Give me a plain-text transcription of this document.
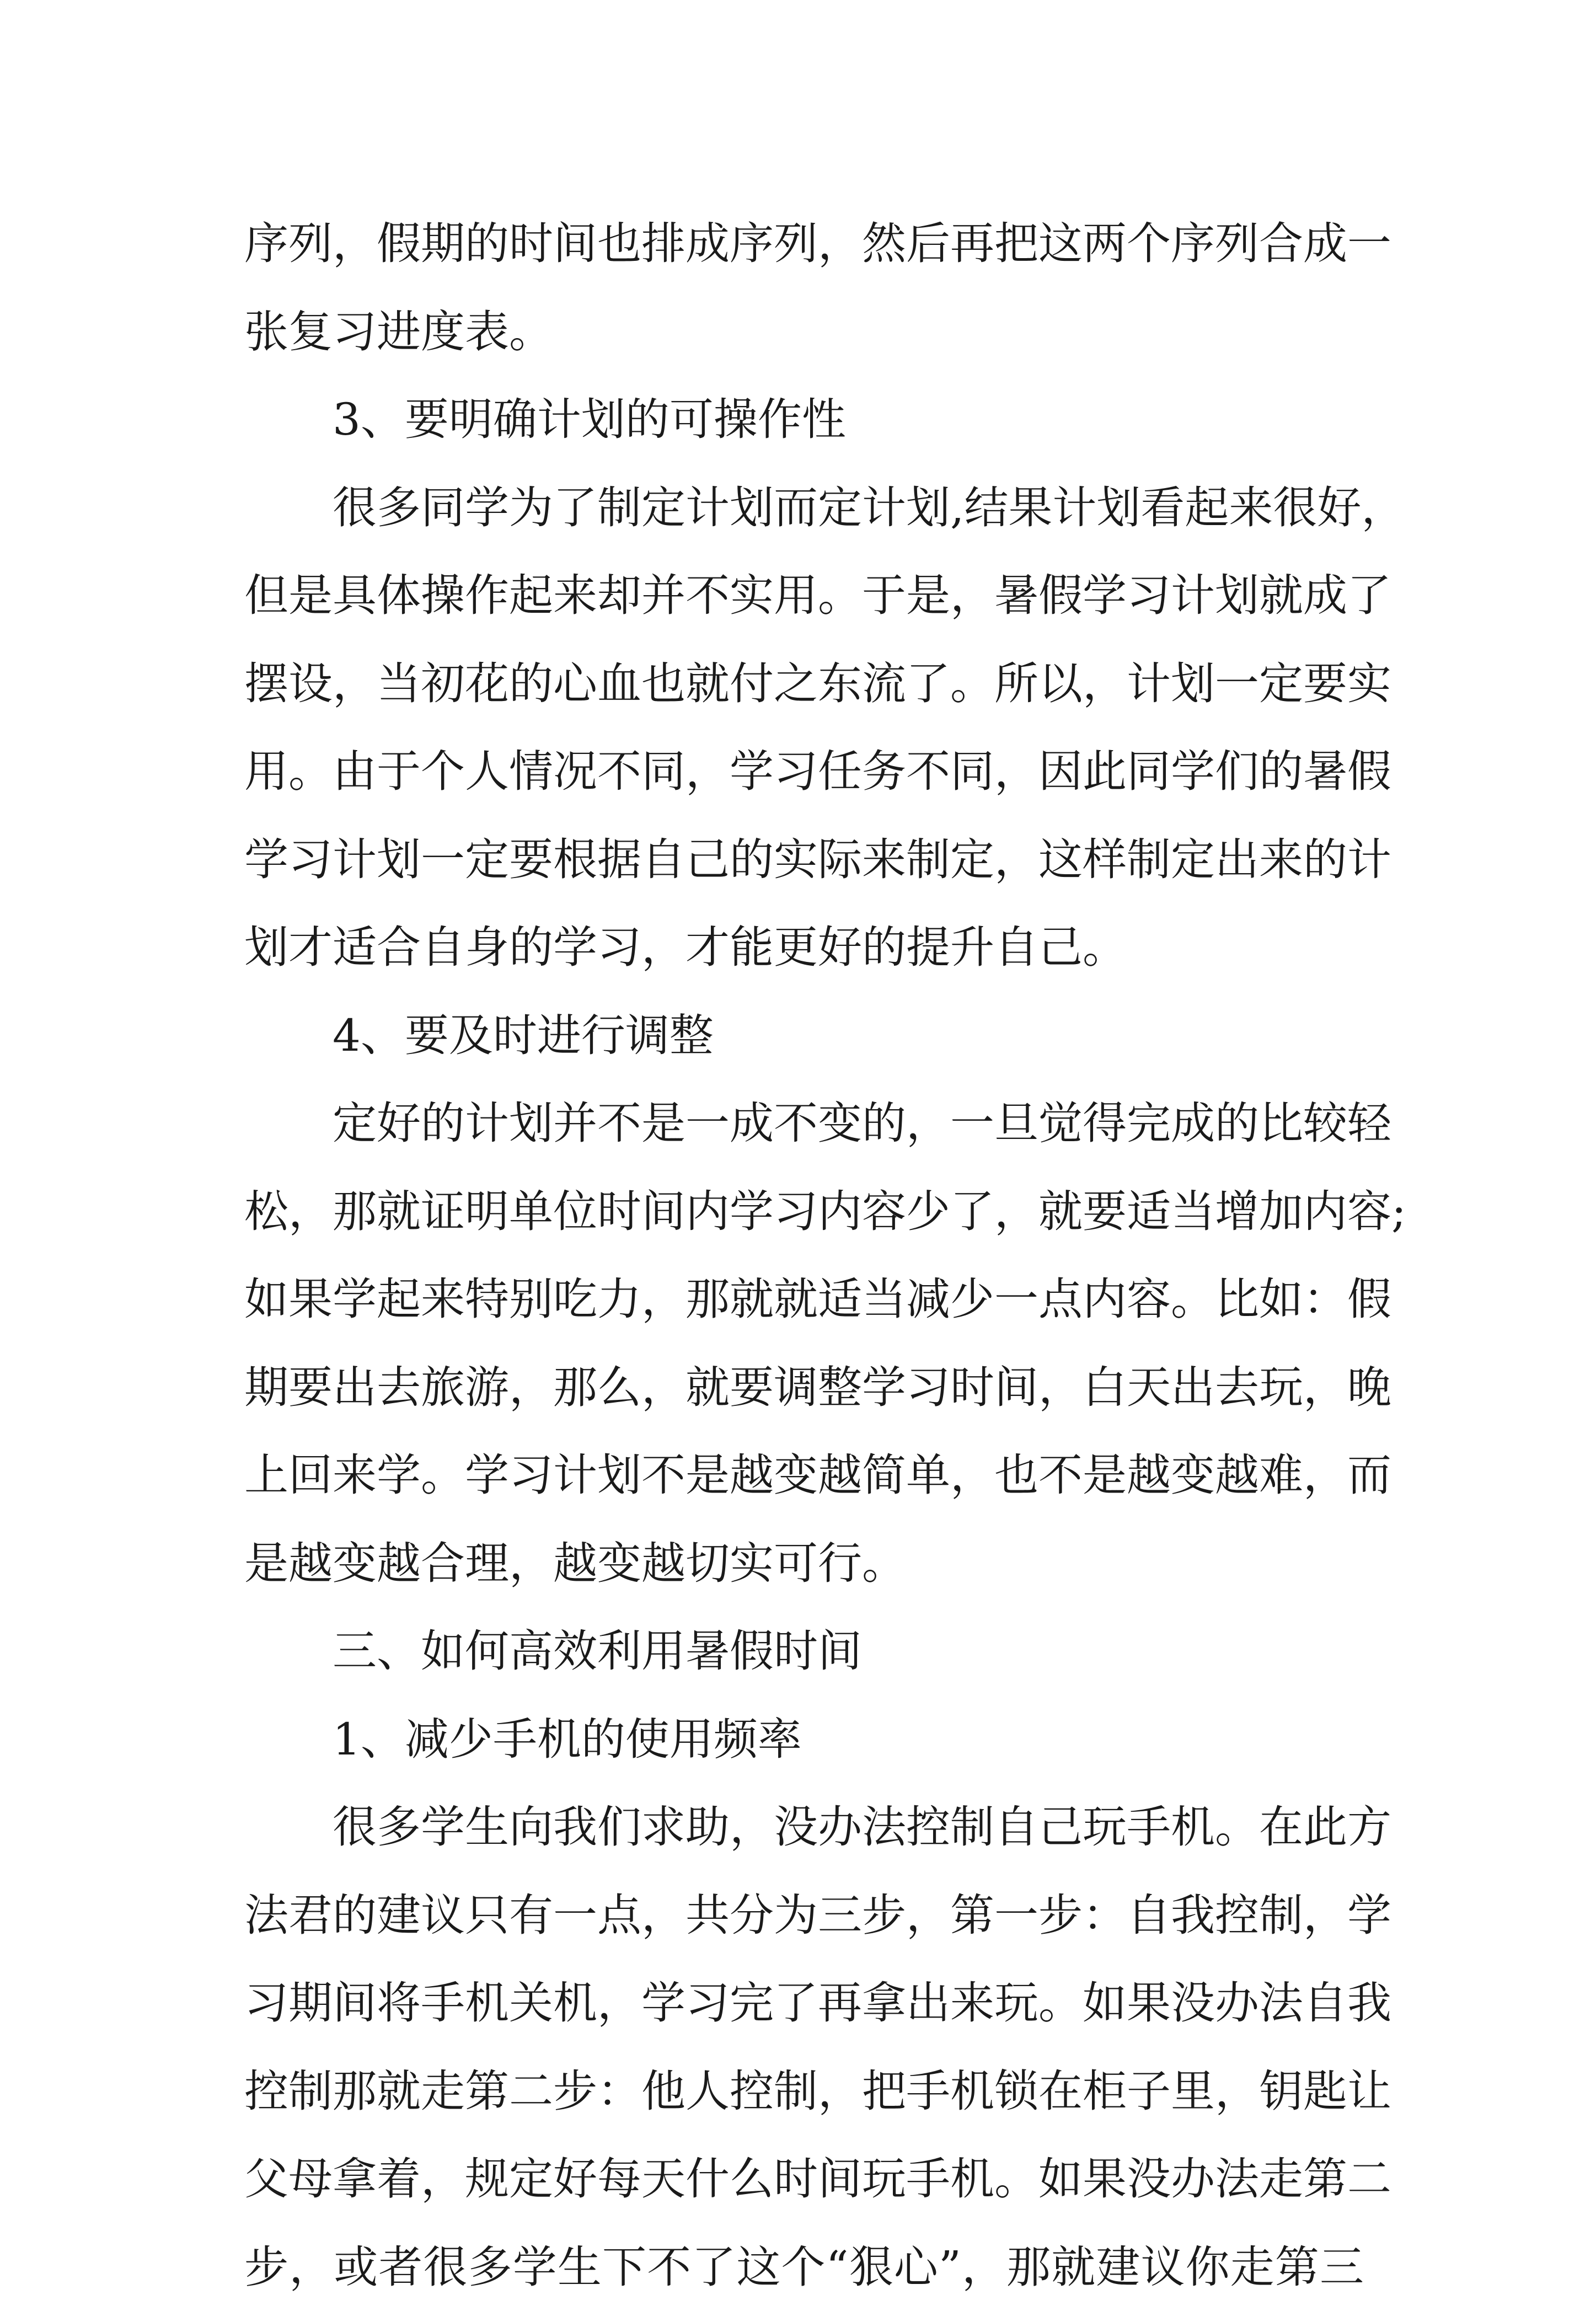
序列，假期的时间也排成序列，然后再把这两个序列合成一
张复习进度表。
3、要明确计划的可操作性
很多同学为了制定计划而定计划,结果计划看起来很好，
但是具体操作起来却并不实用。于是，暑假学习计划就成了
摆设，当初花的心血也就付之东流了。所以，计划一定要实
用。由于个人情况不同，学习任务不同，因此同学们的暑假
学习计划一定要根据自己的实际来制定，这样制定出来的计
划才适合自身的学习，才能更好的提升自己。
4、要及时进行调整
定好的计划并不是一成不变的，一旦觉得完成的比较轻
松，那就证明单位时间内学习内容少了，就要适当增加内容;
如果学起来特别吃力，那就就适当减少一点内容。比如：假
期要出去旅游，那么，就要调整学习时间，白天出去玩，晚
上回来学。学习计划不是越变越简单，也不是越变越难，而
是越变越合理，越变越切实可行。
三、如何高效利用暑假时间
1、减少手机的使用频率
很多学生向我们求助，没办法控制自己玩手机。在此方
法君的建议只有一点，共分为三步，第一步：自我控制，学
习期间将手机关机，学习完了再拿出来玩。如果没办法自我
控制那就走第二步：他人控制，把手机锁在柜子里，钥匙让
父母拿着，规定好每天什么时间玩手机。如果没办法走第二
步，或者很多学生下不了这个“狠心”，那就建议你走第三
